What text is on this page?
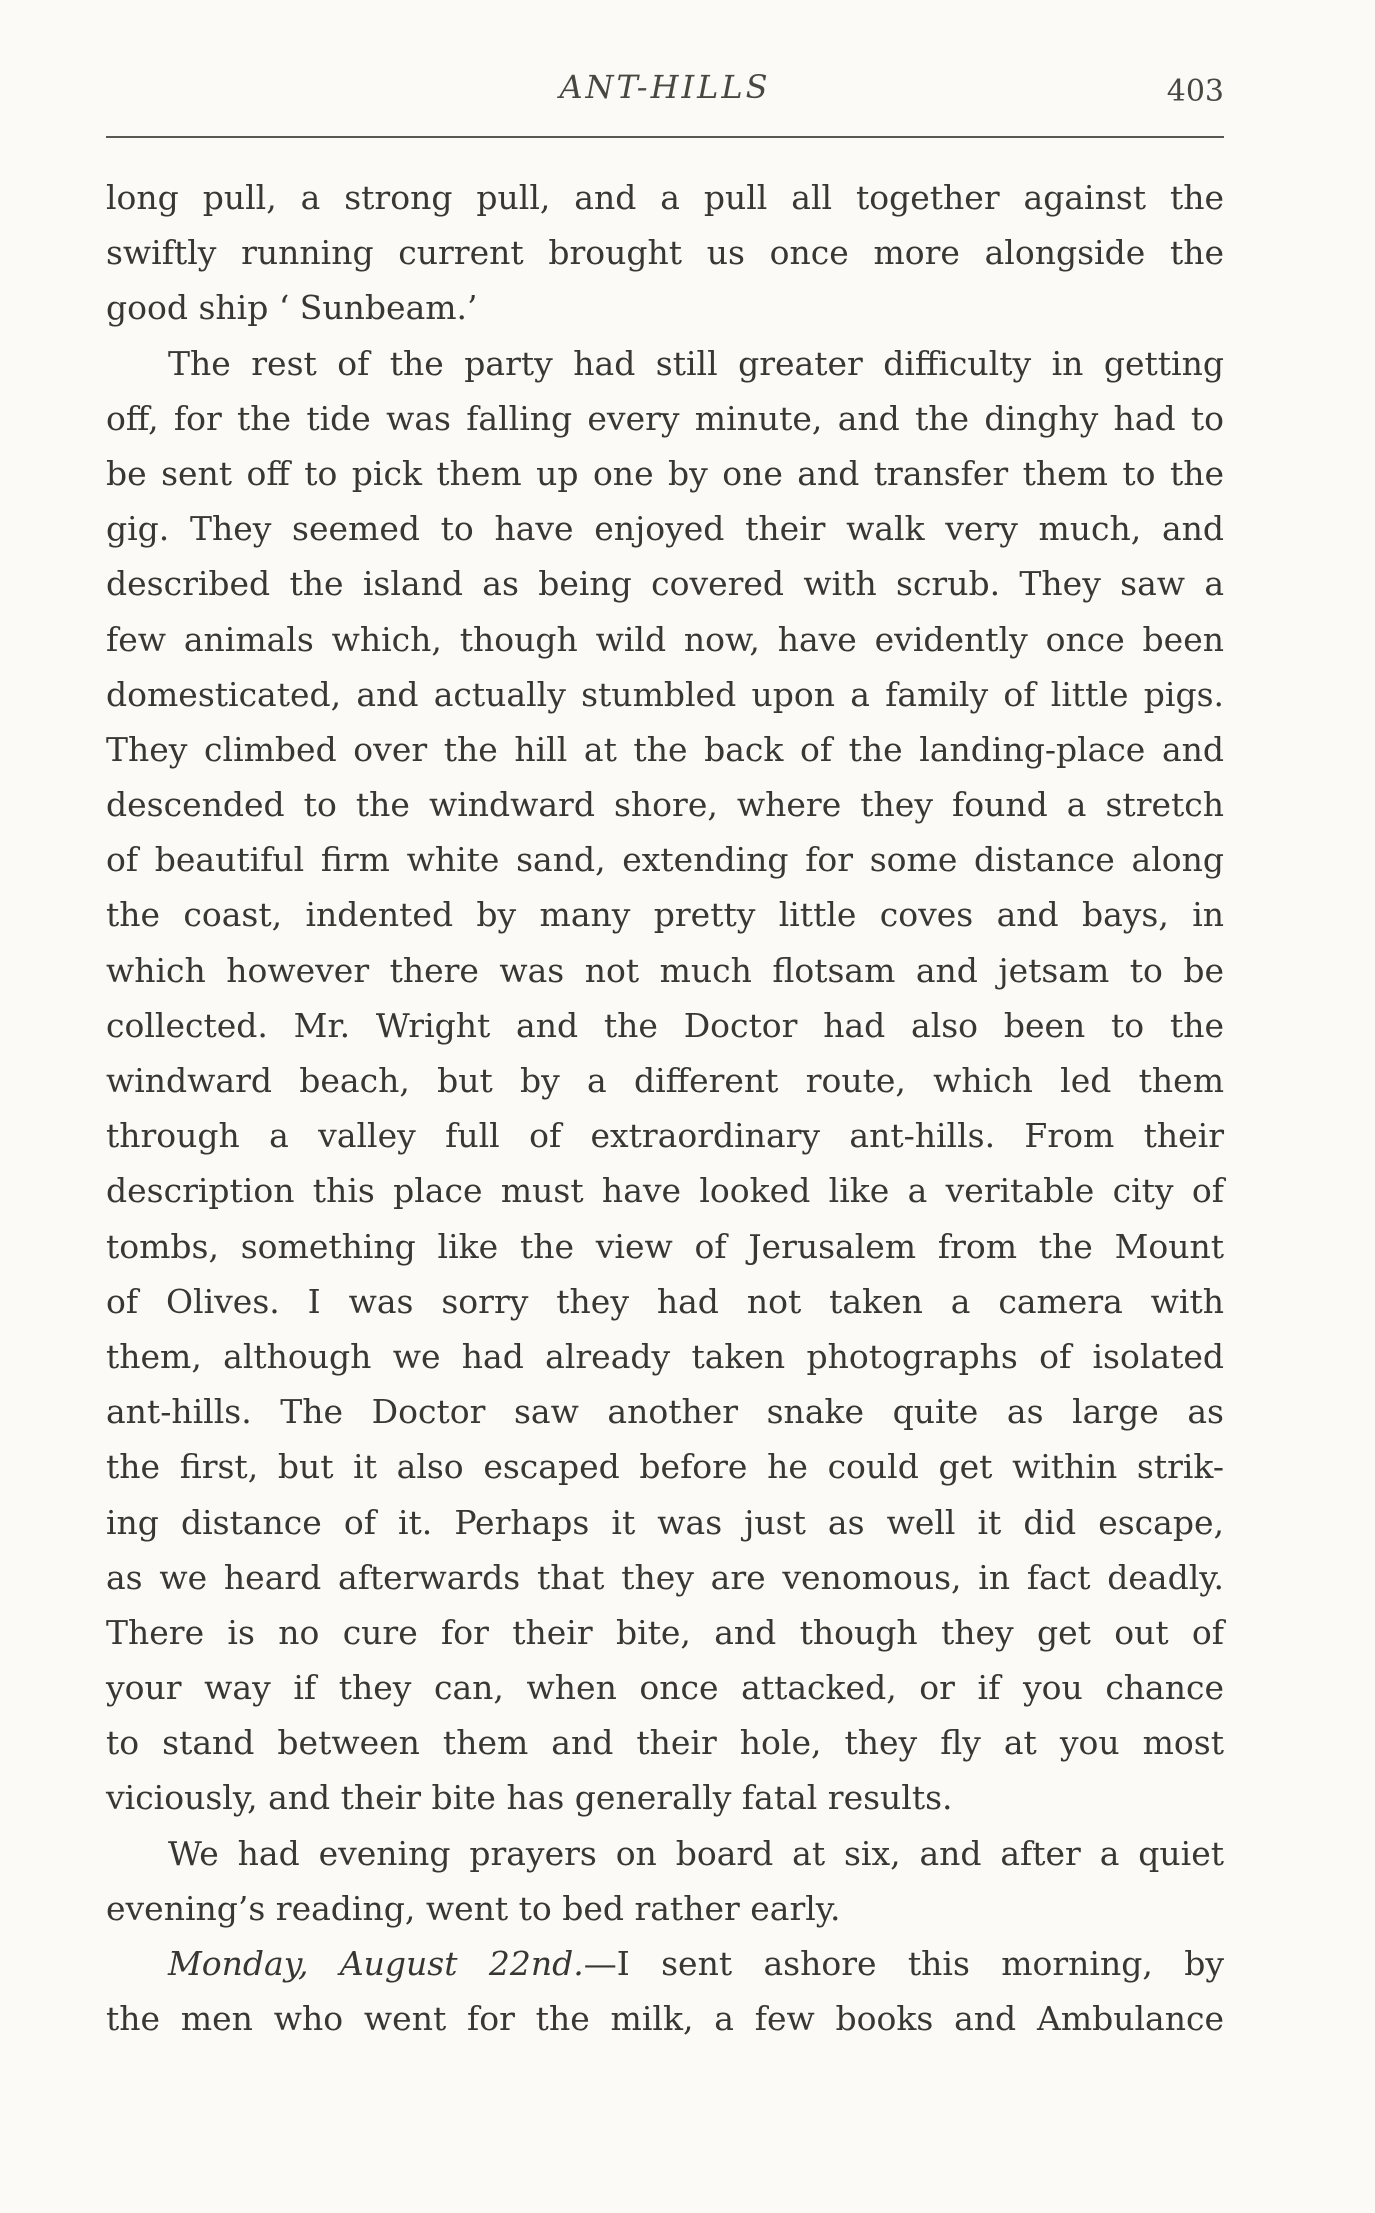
ANT-HILLS	403
long pull, a strong pull, and a pull all together against the
swiftly running current brought us once more alongside the
good ship ‘ Sunbeam.’
The rest of the party had still greater difficulty in getting
off, for the tide was falling every minute, and the dinghy had to
be sent off to pick them up one by one and transfer them to the
gig. They seemed to have enjoyed their walk very much, and
described the island as being covered with scrub. They saw a
few animals which, though wild now, have evidently once been
domesticated, and actually stumbled upon a family of little pigs.
They climbed over the hill at the back of the landing-place and
descended to the windward shore, where they found a stretch
of beautiful firm white sand, extending for some distance along
the coast, indented by many pretty little coves and bays, in
which however there was not much flotsam and jetsam to be
collected. Mr. Wright and the Doctor had also been to the
windward beach, but by a different route, which led them
through a valley full of extraordinary ant-hills. From their
description this place must have looked like a veritable city of
tombs, something like the view of Jerusalem from the Mount
of Olives. I was sorry they had not taken a camera with
them, although we had already taken photographs of isolated
ant-hills. The Doctor saw another snake quite as large as
the first, but it also escaped before he could get within strik-
ing distance of it. Perhaps it was just as well it did escape,
as we heard afterwards that they are venomous, in fact deadly.
There is no cure for their bite, and though they get out of
your way if they can, when once attacked, or if you chance
to stand between them and their hole, they fly at you most
viciously, and their bite has generally fatal results.
We had evening prayers on board at six, and after a quiet
evening’s reading, went to bed rather early.
Monday, August 22nd.—I sent ashore this morning, by
the men who went for the milk, a few books and Ambulance
